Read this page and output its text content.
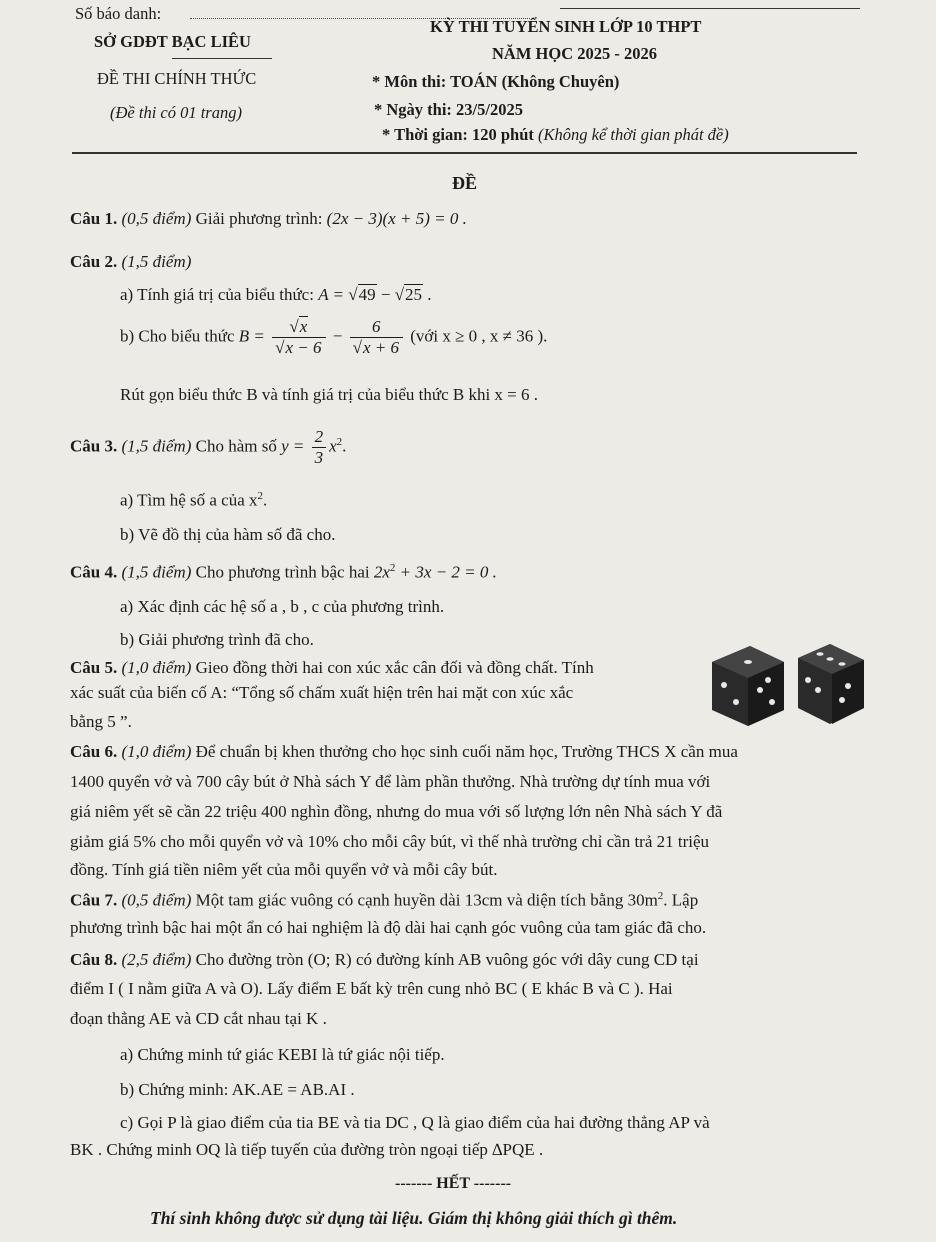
Số báo danh:
SỞ GDĐT BẠC LIÊU
ĐỀ THI CHÍNH THỨC
(Đề thi có 01 trang)
KỲ THI TUYỂN SINH LỚP 10 THPT
NĂM HỌC 2025 - 2026
* Môn thi: TOÁN (Không Chuyên)
* Ngày thi: 23/5/2025
* Thời gian: 120 phút (Không kể thời gian phát đề)
ĐỀ
Câu 1. (0,5 điểm) Giải phương trình: (2x − 3)(x + 5) = 0 .
Câu 2. (1,5 điểm)
a) Tính giá trị của biểu thức: A = √49 − √25 .
b) Cho biểu thức $B = \frac{√x}{√x - 6} - \frac{6}{√x + 6}$ (với x ≥ 0 , x ≠ 36 ).
Rút gọn biểu thức B và tính giá trị của biểu thức B khi x = 6 .
Câu 3. (1,5 điểm) Cho hàm số $y = \frac{2}{3} x^2$.
a) Tìm hệ số a của $x^2$.
b) Vẽ đồ thị của hàm số đã cho.
Câu 4. (1,5 điểm) Cho phương trình bậc hai $2x^2 + 3x - 2 = 0$ .
a) Xác định các hệ số a , b , c của phương trình.
b) Giải phương trình đã cho.
Câu 5. (1,0 điểm) Gieo đồng thời hai con xúc xắc cân đối và đồng chất. Tính
xác suất của biến cố A: “Tổng số chấm xuất hiện trên hai mặt con xúc xắc
bằng 5 ”.
Câu 6. (1,0 điểm) Để chuẩn bị khen thưởng cho học sinh cuối năm học, Trường THCS X cần mua
1400 quyển vở và 700 cây bút ở Nhà sách Y để làm phần thưởng. Nhà trường dự tính mua với
giá niêm yết sẽ cần 22 triệu 400 nghìn đồng, nhưng do mua với số lượng lớn nên Nhà sách Y đã
giảm giá 5% cho mỗi quyển vở và 10% cho mỗi cây bút, vì thế nhà trường chỉ cần trả 21 triệu
đồng. Tính giá tiền niêm yết của mỗi quyển vở và mỗi cây bút.
Câu 7. (0,5 điểm) Một tam giác vuông có cạnh huyền dài 13cm và diện tích bằng $30m^2$. Lập
phương trình bậc hai một ẩn có hai nghiệm là độ dài hai cạnh góc vuông của tam giác đã cho.
Câu 8. (2,5 điểm) Cho đường tròn (O; R) có đường kính AB vuông góc với dây cung CD tại
điểm I ( I nằm giữa A và O). Lấy điểm E bất kỳ trên cung nhỏ BC ( E khác B và C ). Hai
đoạn thẳng AE và CD cắt nhau tại K .
a) Chứng minh tứ giác KEBI là tứ giác nội tiếp.
b) Chứng minh: AK.AE = AB.AI .
c) Gọi P là giao điểm của tia BE và tia DC , Q là giao điểm của hai đường thẳng AP và
BK . Chứng minh OQ là tiếp tuyến của đường tròn ngoại tiếp ∆PQE .
------- HẾT -------
Thí sinh không được sử dụng tài liệu. Giám thị không giải thích gì thêm.
